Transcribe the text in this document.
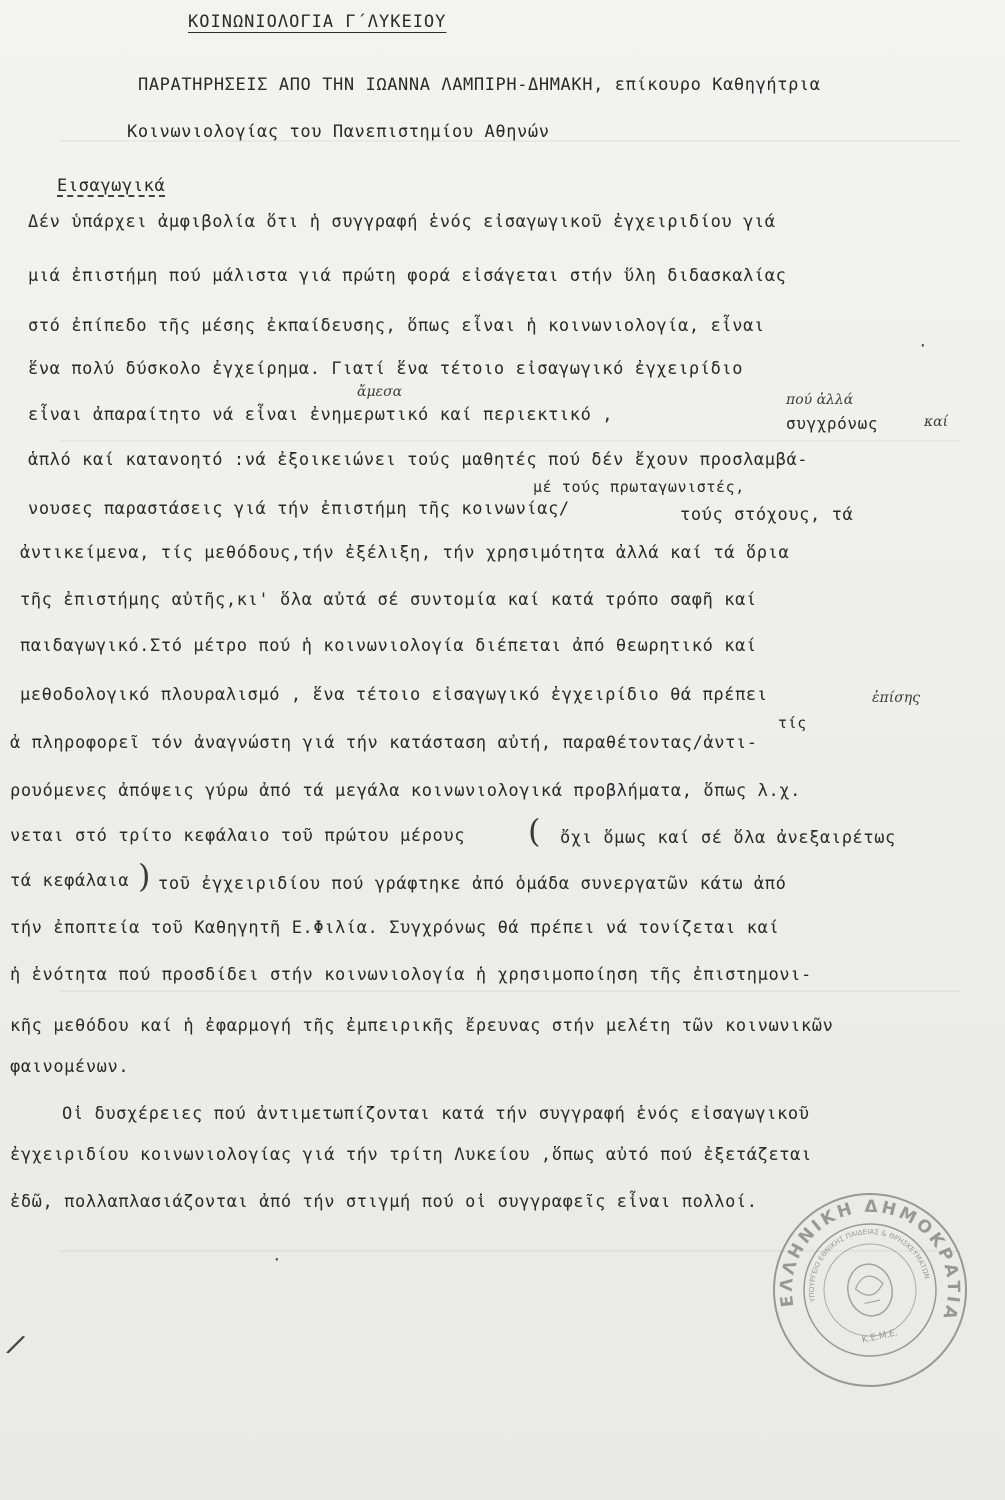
ΚΟΙΝΩΝΙΟΛΟΓΙΑ Γ΄ΛΥΚΕΙΟΥ
ΠΑΡΑΤΗΡΗΣΕΙΣ ΑΠΟ ΤΗΝ ΙΩΑΝΝΑ ΛΑΜΠΙΡΗ-ΔΗΜΑΚΗ, επίκουρο Καθηγήτρια
Κοινωνιολογίας του Πανεπιστημίου Αθηνών
Εισαγωγικά
Δέν ὑπάρχει ἀμφιβολία ὅτι ἡ συγγραφή ἑνός εἰσαγωγικοῦ ἐγχειριδίου γιά
μιά ἐπιστήμη πού μάλιστα γιά πρώτη φορά εἰσάγεται στήν ὕλη διδασκαλίας
στό ἐπίπεδο τῆς μέσης ἐκπαίδευσης, ὅπως εἶναι ἡ κοινωνιολογία, εἶναι
ἕνα πολύ δύσκολο ἐγχείρημα. Γιατί ἕνα τέτοιο εἰσαγωγικό ἐγχειρίδιο
ἄμεσα
εἶναι ἀπαραίτητο νά εἶναι ἐνημερωτικό καί περιεκτικό ,
πού ἀλλά
συγχρόνως	καί
ἁπλό καί κατανοητό :νά ἐξοικειώνει τούς μαθητές πού δέν ἔχουν προσλαμβά-
μέ τούς πρωταγωνιστές,
νουσες παραστάσεις γιά τήν ἐπιστήμη τῆς κοινωνίας/	τούς στόχους, τά
ἀντικείμενα, τίς μεθόδους,τήν ἐξέλιξη, τήν χρησιμότητα ἀλλά καί τά ὅρια
τῆς ἐπιστήμης αὐτῆς,κι' ὅλα αὐτά σέ συντομία καί κατά τρόπο σαφῆ καί
παιδαγωγικό.Στό μέτρο πού ἡ κοινωνιολογία διέπεται ἀπό θεωρητικό καί
μεθοδολογικό πλουραλισμό , ἕνα τέτοιο εἰσαγωγικό ἐγχειρίδιο θά πρέπει	ἐπίσης
τίς
ἀ πληροφορεῖ τόν ἀναγνώστη γιά τήν κατάσταση αὐτή, παραθέτοντας/ἀντι-
ρουόμενες ἀπόψεις γύρω ἀπό τά μεγάλα κοινωνιολογικά προβλήματα, ὅπως λ.χ.
νεται στό τρίτο κεφάλαιο τοῦ πρώτου μέρους ( ὄχι ὅμως καί σέ ὅλα ἀνεξαιρέτως
τά κεφάλαια ) τοῦ ἐγχειριδίου πού γράφτηκε ἀπό ὁμάδα συνεργατῶν κάτω ἀπό
τήν ἐποπτεία τοῦ Καθηγητῆ Ε.Φιλία. Συγχρόνως θά πρέπει νά τονίζεται καί
ἡ ἑνότητα πού προσδίδει στήν κοινωνιολογία ἡ χρησιμοποίηση τῆς ἐπιστημονι-
κῆς μεθόδου καί ἡ ἐφαρμογή τῆς ἐμπειρικῆς ἔρευνας στήν μελέτη τῶν κοινωνικῶν
φαινομένων.
Οἱ δυσχέρειες πού ἀντιμετωπίζονται κατά τήν συγγραφή ἑνός εἰσαγωγικοῦ
ἐγχειριδίου κοινωνιολογίας γιά τήν τρίτη Λυκείου ,ὅπως αὐτό πού ἐξετάζεται
ἐδῶ, πολλαπλασιάζονται ἀπό τήν στιγμή πού οἱ συγγραφεῖς εἶναι πολλοί.
·
·
/
ΕΛΛΗΝΙΚΗ ΔΗΜΟΚΡΑΤΙΑ
ΥΠΟΥΡΓΕΙΟ ΕΘΝΙΚΗΣ ΠΑΙΔΕΙΑΣ & ΘΡΗΣΚΕΥΜΑΤΩΝ
Κ.Ε.Μ.Ε.
